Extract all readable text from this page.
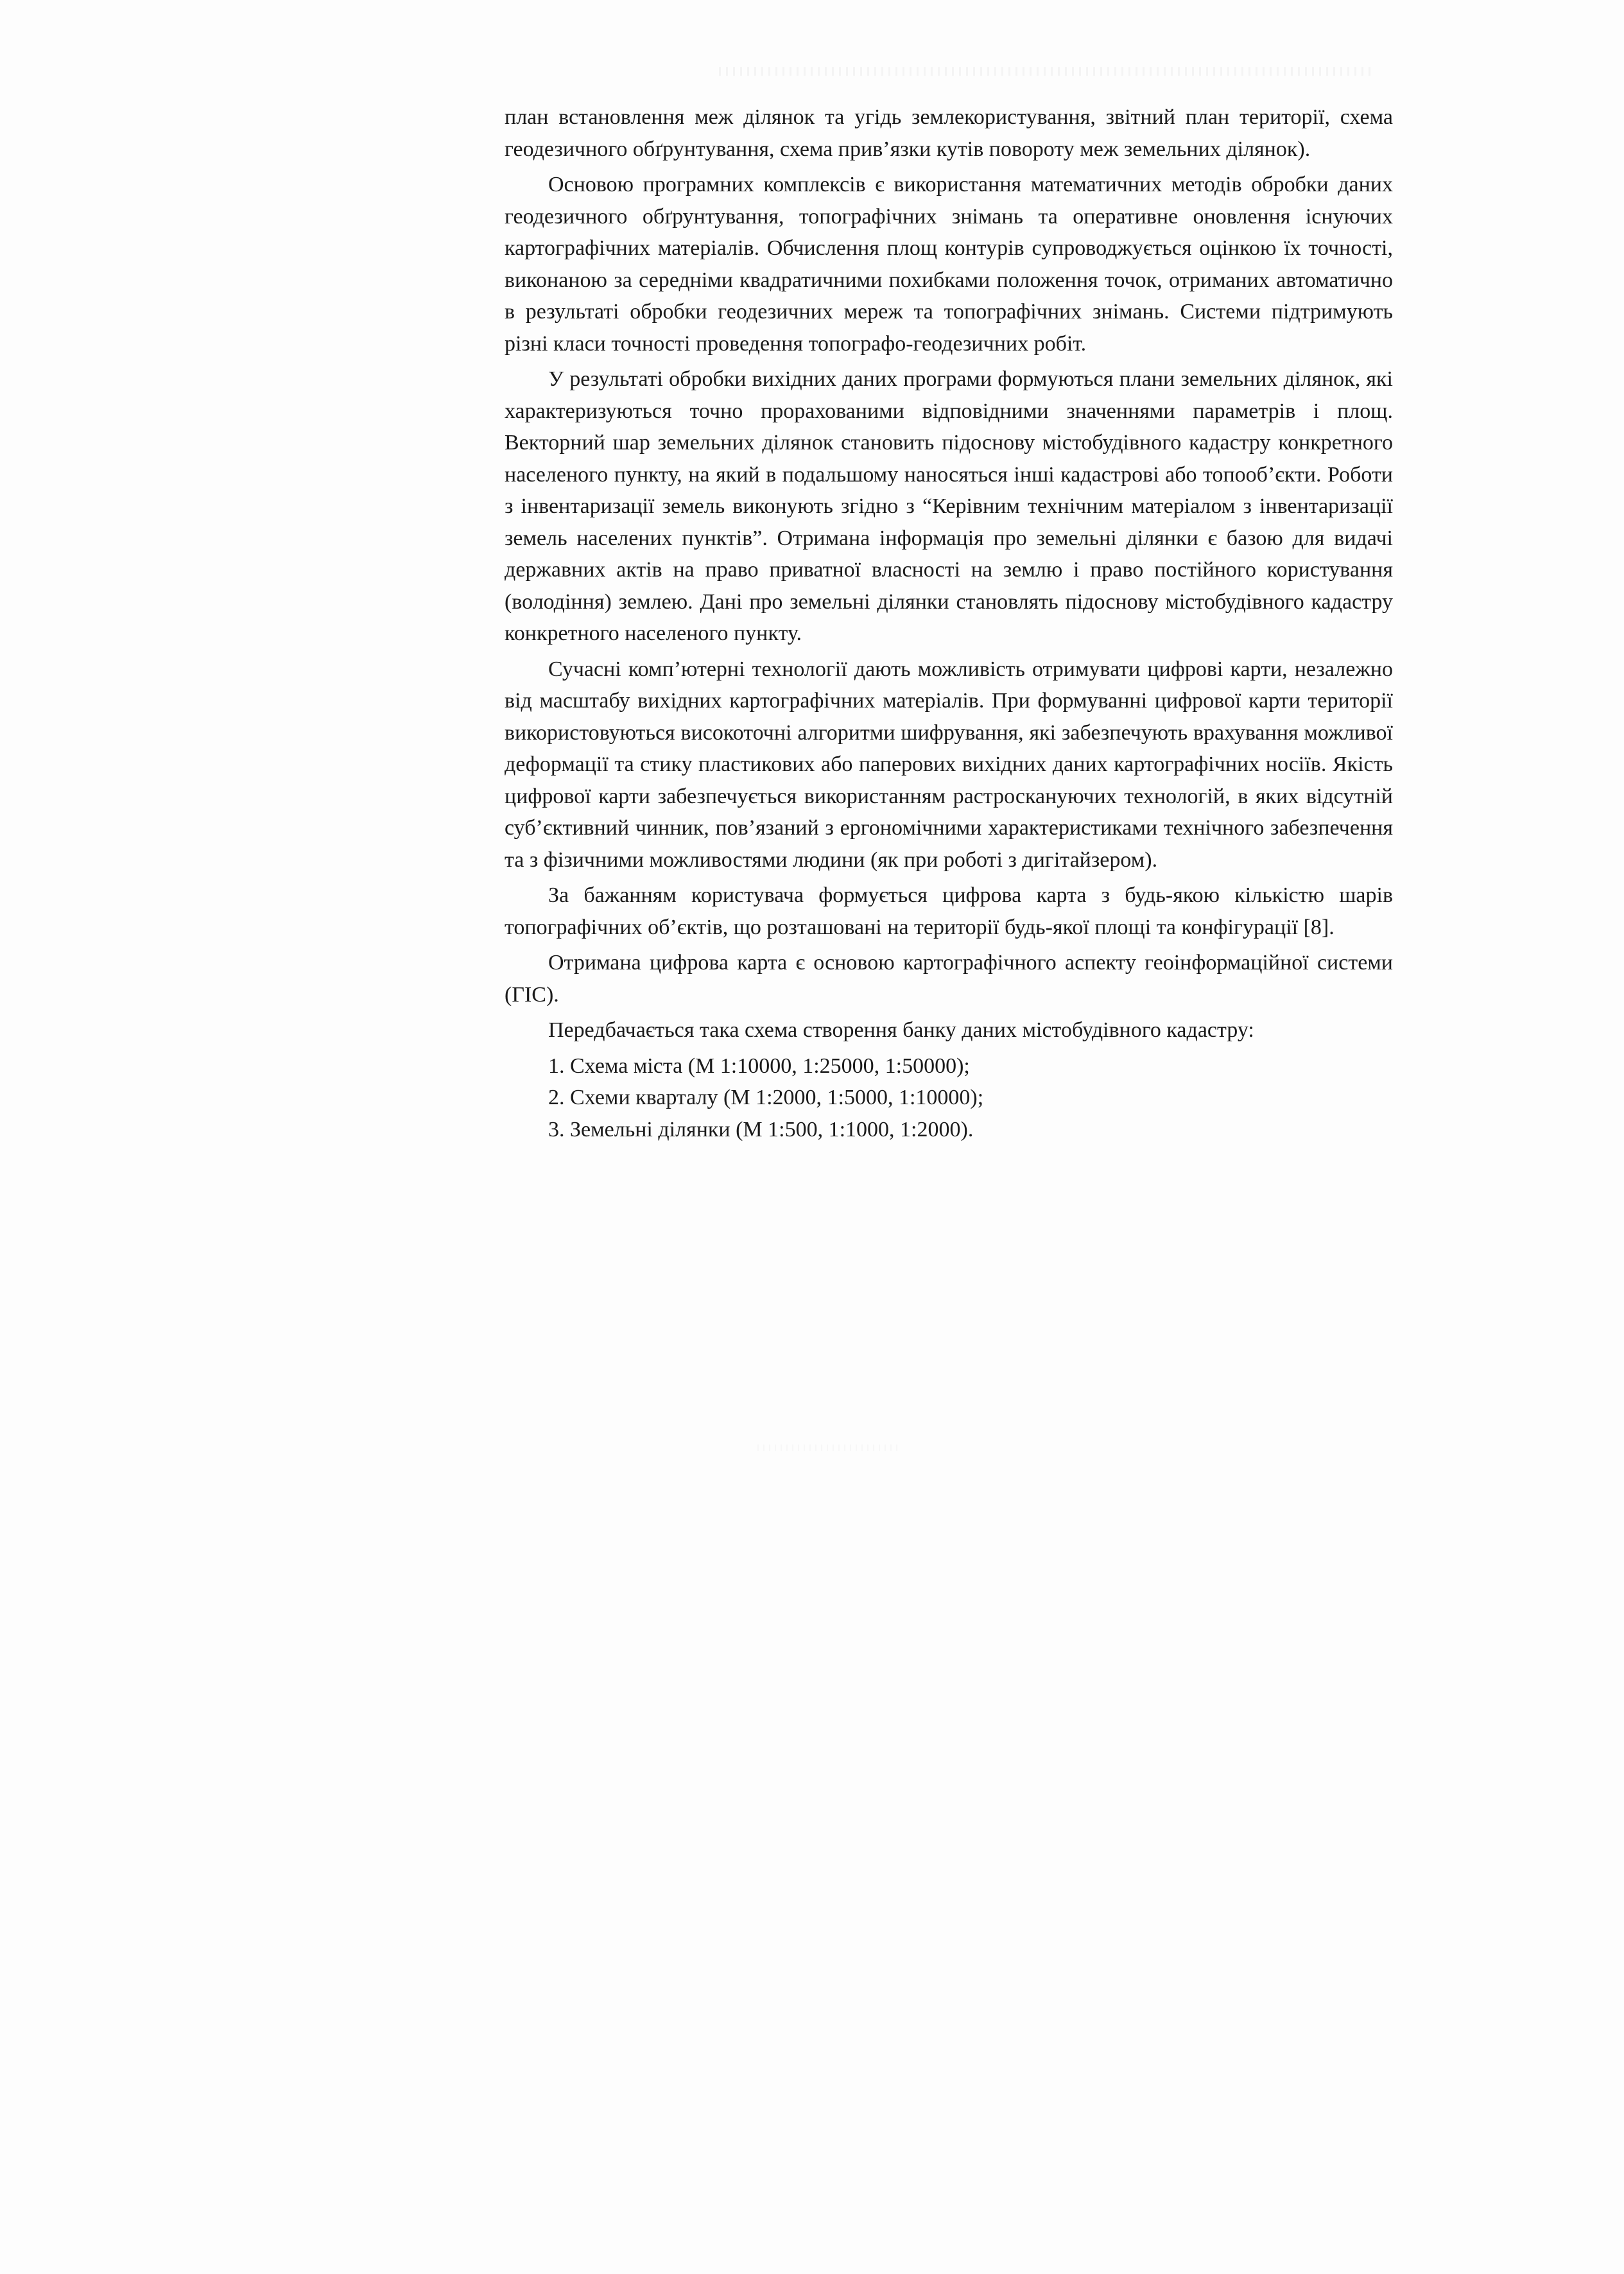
план встановлення меж ділянок та угідь землекористування, звітний план території, схема геодезичного обґрунтування, схема прив’язки кутів повороту меж земельних ділянок).

Основою програмних комплексів є використання математичних методів обробки даних геодезичного обґрунтування, топографічних знімань та оперативне оновлення існуючих картографічних матеріалів. Обчислення площ контурів супроводжується оцінкою їх точності, виконаною за середніми квадратичними похибками положення точок, отриманих автоматично в результаті обробки геодезичних мереж та топографічних знімань. Системи підтримують різні класи точності проведення топографо-геодезичних робіт.

У результаті обробки вихідних даних програми формуються плани земельних ділянок, які характеризуються точно прорахованими відповідними значеннями параметрів і площ. Векторний шар земельних ділянок становить підоснову містобудівного кадастру конкретного населеного пункту, на який в подальшому наносяться інші кадастрові або топооб’єкти. Роботи з інвентаризації земель виконують згідно з “Керівним технічним матеріалом з інвентаризації земель населених пунктів”. Отримана інформація про земельні ділянки є базою для видачі державних актів на право приватної власності на землю і право постійного користування (володіння) землею. Дані про земельні ділянки становлять підоснову містобудівного кадастру конкретного населеного пункту.

Сучасні комп’ютерні технології дають можливість отримувати цифрові карти, незалежно від масштабу вихідних картографічних матеріалів. При формуванні цифрової карти території використовуються високоточні алгоритми шифрування, які забезпечують врахування можливої деформації та стику пластикових або паперових вихідних даних картографічних носіїв. Якість цифрової карти забезпечується використанням растроскануючих технологій, в яких відсутній суб’єктивний чинник, пов’язаний з ергономічними характеристиками технічного забезпечення та з фізичними можливостями людини (як при роботі з дигітайзером).

За бажанням користувача формується цифрова карта з будь-якою кількістю шарів топографічних об’єктів, що розташовані на території будь-якої площі та конфігурації [8].

Отримана цифрова карта є основою картографічного аспекту геоінформаційної системи (ГІС).

Передбачається така схема створення банку даних містобудівного кадастру:

1. Схема міста (М 1:10000, 1:25000, 1:50000);
2. Схеми кварталу (М 1:2000, 1:5000, 1:10000);
3. Земельні ділянки (М 1:500, 1:1000, 1:2000).
